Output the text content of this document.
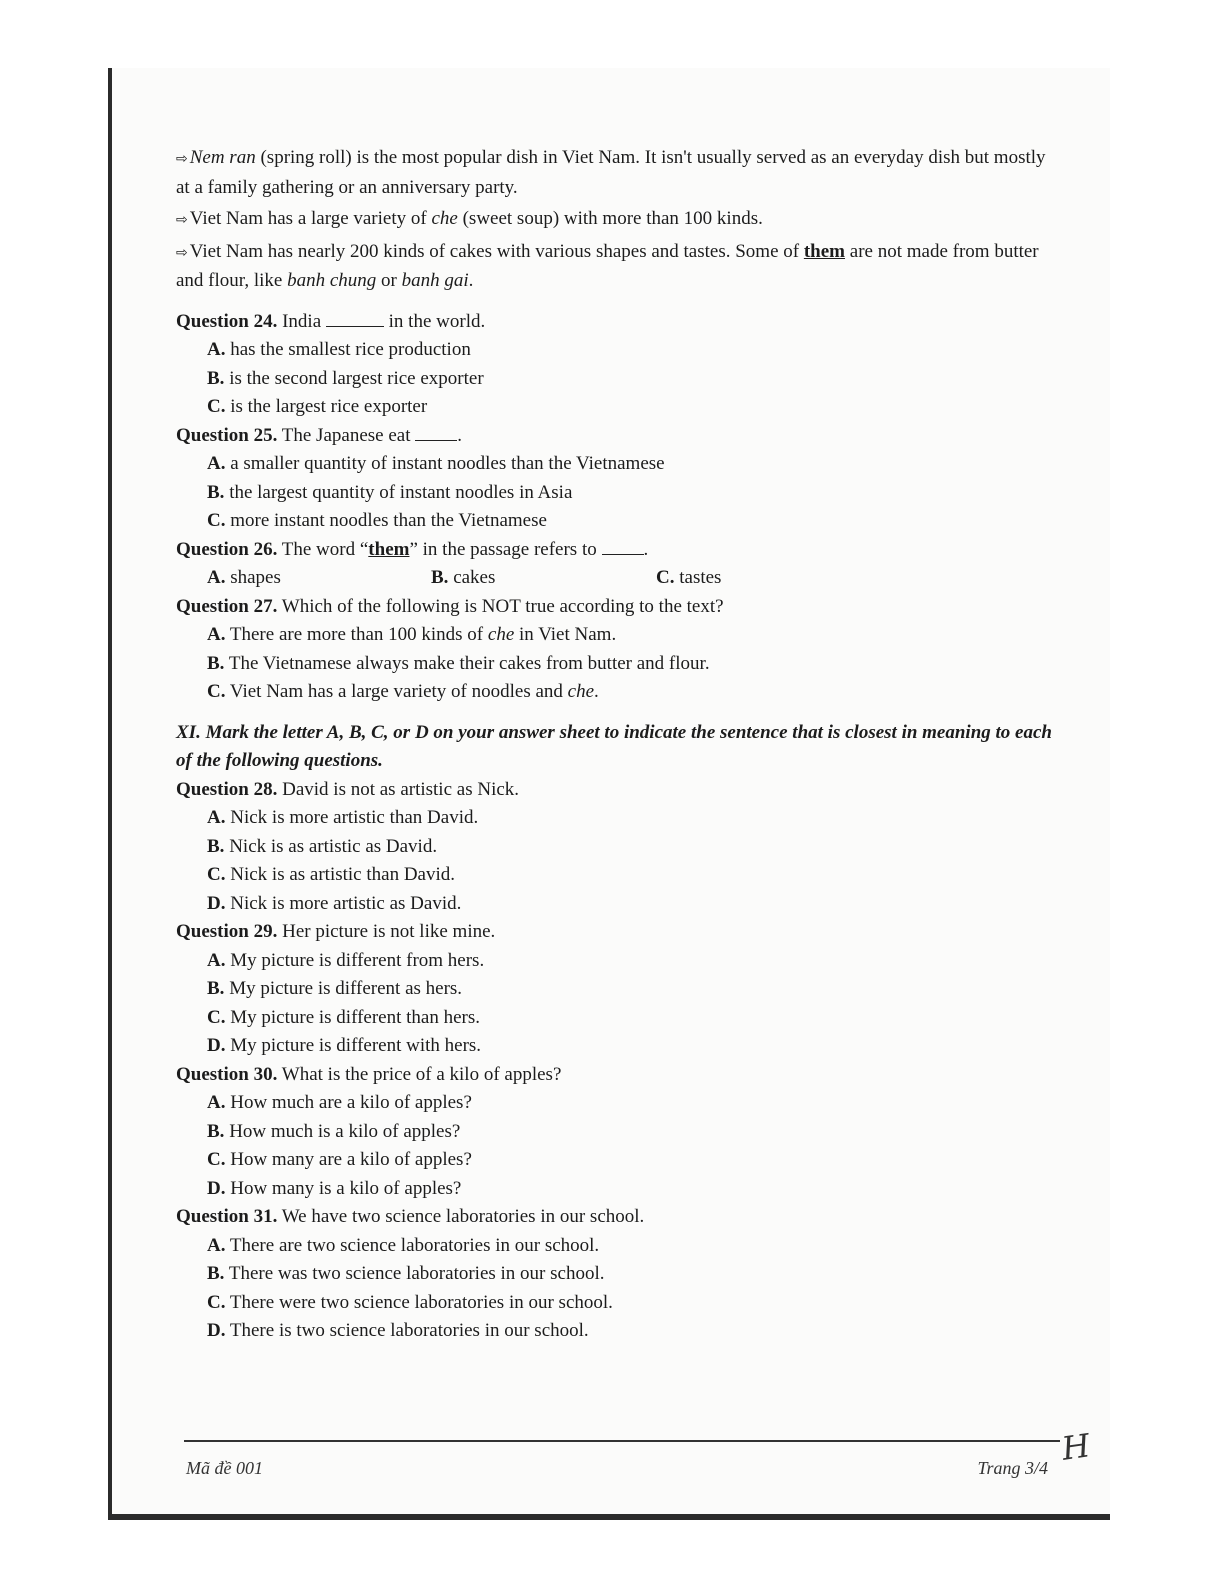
⇨ Nem ran (spring roll) is the most popular dish in Viet Nam. It isn't usually served as an everyday dish but mostly at a family gathering or an anniversary party.

⇨ Viet Nam has a large variety of che (sweet soup) with more than 100 kinds.

⇨ Viet Nam has nearly 200 kinds of cakes with various shapes and tastes. Some of them are not made from butter and flour, like banh chung or banh gai.

Question 24. India	in the world.

A. has the smallest rice production

B. is the second largest rice exporter

C. is the largest rice exporter

Question 25. The Japanese eat .

A. a smaller quantity of instant noodles than the Vietnamese

B. the largest quantity of instant noodles in Asia

C. more instant noodles than the Vietnamese

Question 26. The word “them” in the passage refers to .

A. shapes	B. cakes	C. tastes

Question 27. Which of the following is NOT true according to the text?

A. There are more than 100 kinds of che in Viet Nam.

B. The Vietnamese always make their cakes from butter and flour.

C. Viet Nam has a large variety of noodles and che.

XI. Mark the letter A, B, C, or D on your answer sheet to indicate the sentence that is closest in meaning to each of the following questions.

Question 28. David is not as artistic as Nick.

A. Nick is more artistic than David.

B. Nick is as artistic as David.

C. Nick is as artistic than David.

D. Nick is more artistic as David.

Question 29. Her picture is not like mine.

A. My picture is different from hers.

B. My picture is different as hers.

C. My picture is different than hers.

D. My picture is different with hers.

Question 30. What is the price of a kilo of apples?

A. How much are a kilo of apples?

B. How much is a kilo of apples?

C. How many are a kilo of apples?

D. How many is a kilo of apples?

Question 31. We have two science laboratories in our school.

A. There are two science laboratories in our school.

B. There was two science laboratories in our school.

C. There were two science laboratories in our school.

D. There is two science laboratories in our school.

Mã đề 001	Trang 3/4
H
